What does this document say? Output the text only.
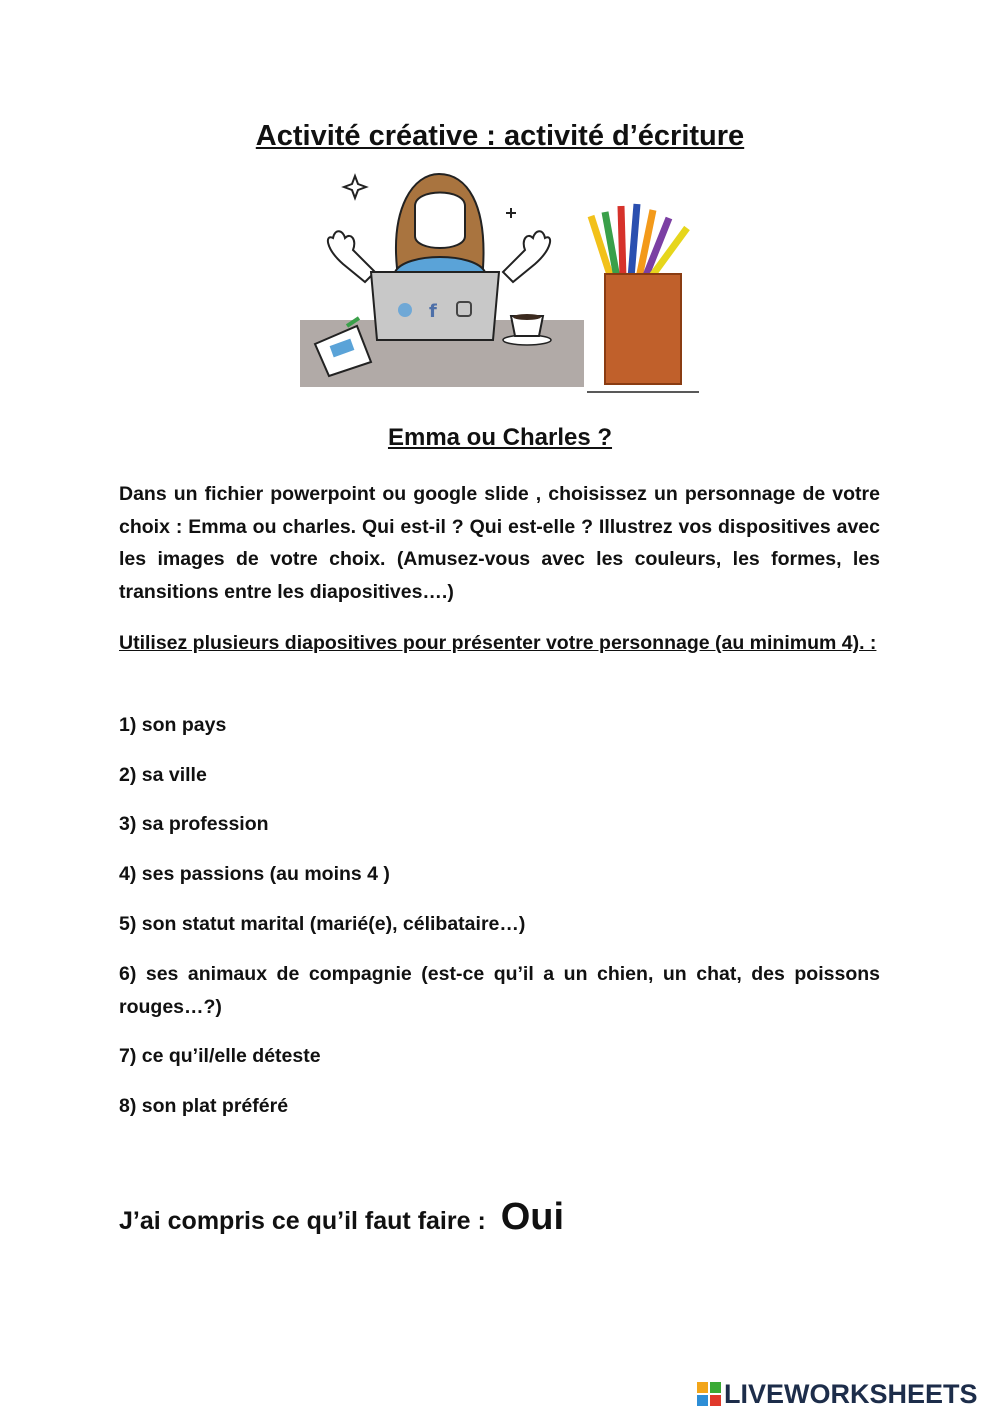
Activité créative : activité d’écriture
f
Emma ou Charles ?
Dans un fichier powerpoint ou google slide , choisissez un personnage de votre choix : Emma ou charles. Qui est-il ? Qui est-elle ? Illustrez vos dispositives avec les images de votre choix. (Amusez-vous avec les couleurs, les formes, les transitions entre les diapositives….)
Utilisez plusieurs diapositives pour présenter votre personnage (au minimum 4). :
1) son pays
2) sa ville
3) sa profession
4) ses passions (au moins 4 )
5) son statut marital (marié(e), célibataire…)
6) ses animaux de compagnie (est-ce qu’il a un chien, un chat, des poissons rouges…?)
7) ce qu’il/elle déteste
8) son plat préféré
J’ai compris ce qu’il faut faire : Oui
LIVEWORKSHEETS
